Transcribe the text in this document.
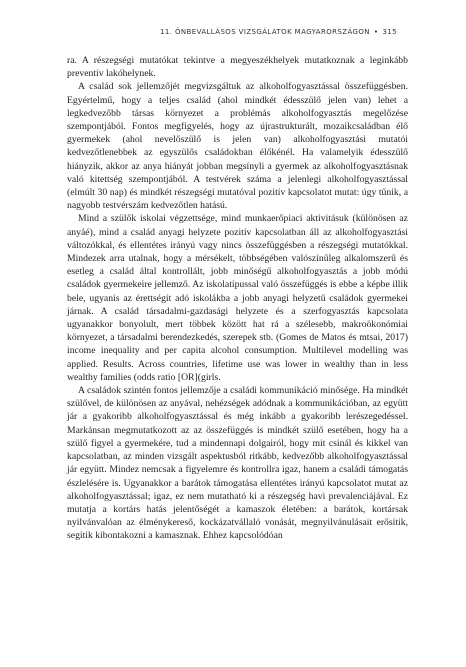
11. ÖNBEVALLÁSOS VIZSGÁLATOK MAGYARORSZÁGON • 315

ra. A részegségi mutatókat tekintve a megyeszékhelyek mutatkoznak a leginkább preventív lakóhelynek.

A család sok jellemzőjét megvizsgáltuk az alkoholfogyasztással összefüggésben. Egyértelmű, hogy a teljes család (ahol mindkét édesszülő jelen van) lehet a legkedvezőbb társas környezet a problémás alkoholfogyasztás megelőzése szempontjából. Fontos megfigyelés, hogy az újrastrukturált, mozaikcsaládban élő gyermekek (ahol nevelőszülő is jelen van) alkoholfogyasztási mutatói kedvezőtlenebbek az egyszülős családokban élőkénél. Ha valamelyik édesszülő hiányzik, akkor az anya hiányát jobban megsínyli a gyermek az alkoholfogyasztásnak való kitettség szempontjából. A testvérek száma a jelenlegi alkoholfogyasztással (elmúlt 30 nap) és mindkét részegségi mutatóval pozitív kapcsolatot mutat: úgy tűnik, a nagyobb testvérszám kedvezőtlen hatású.

Mind a szülők iskolai végzettsége, mind munkaerőpiaci aktivitásuk (különösen az anyáé), mind a család anyagi helyzete pozitív kapcsolatban áll az alkoholfogyasztási változókkal, és ellentétes irányú vagy nincs összefüggésben a részegségi mutatókkal. Mindezek arra utalnak, hogy a mérsékelt, többségében valószínűleg alkalomszerű és esetleg a család által kontrollált, jobb minőségű alkoholfogyasztás a jobb módú családok gyermekeire jellemző. Az iskolatípussal való összefüggés is ebbe a képbe illik bele, ugyanis az érettségit adó iskolákba a jobb anyagi helyzetű családok gyermekei járnak. A család társadalmi-gazdasági helyzete és a szerfogyasztás kapcsolata ugyanakkor bonyolult, mert többek között hat rá a szélesebb, makroökonómiai környezet, a társadalmi berendezkedés, szerepek stb. (Gomes de Matos és mtsai, 2017) income inequality and per capita alcohol consumption. Multilevel modelling was applied. Results. Across countries, lifetime use was lower in wealthy than in less wealthy families (odds ratio [OR](girls.

A családok szintén fontos jellemzője a családi kommunikáció minősége. Ha mindkét szülővel, de különösen az anyával, nehézségek adódnak a kommunikációban, az együtt jár a gyakoribb alkoholfogyasztással és még inkább a gyakoribb lerészegedéssel. Markánsan megmutatkozott az az összefüggés is mindkét szülő esetében, hogy ha a szülő figyel a gyermekére, tud a mindennapi dolgairól, hogy mit csinál és kikkel van kapcsolatban, az minden vizsgált aspektusból ritkább, kedvezőbb alkoholfogyasztással jár együtt. Mindez nemcsak a figyelemre és kontrollra igaz, hanem a családi támogatás észlelésére is. Ugyanakkor a barátok támogatása ellentétes irányú kapcsolatot mutat az alkoholfogyasztással; igaz, ez nem mutatható ki a részegség havi prevalenciájával. Ez mutatja a kortárs hatás jelentőségét a kamaszok életében: a barátok, kortársak nyilvánvalóan az élménykereső, kockázatvállaló vonását, megnyilvánulásait erősítik, segítik kibontakozni a kamasznak. Ehhez kapcsolódóan
